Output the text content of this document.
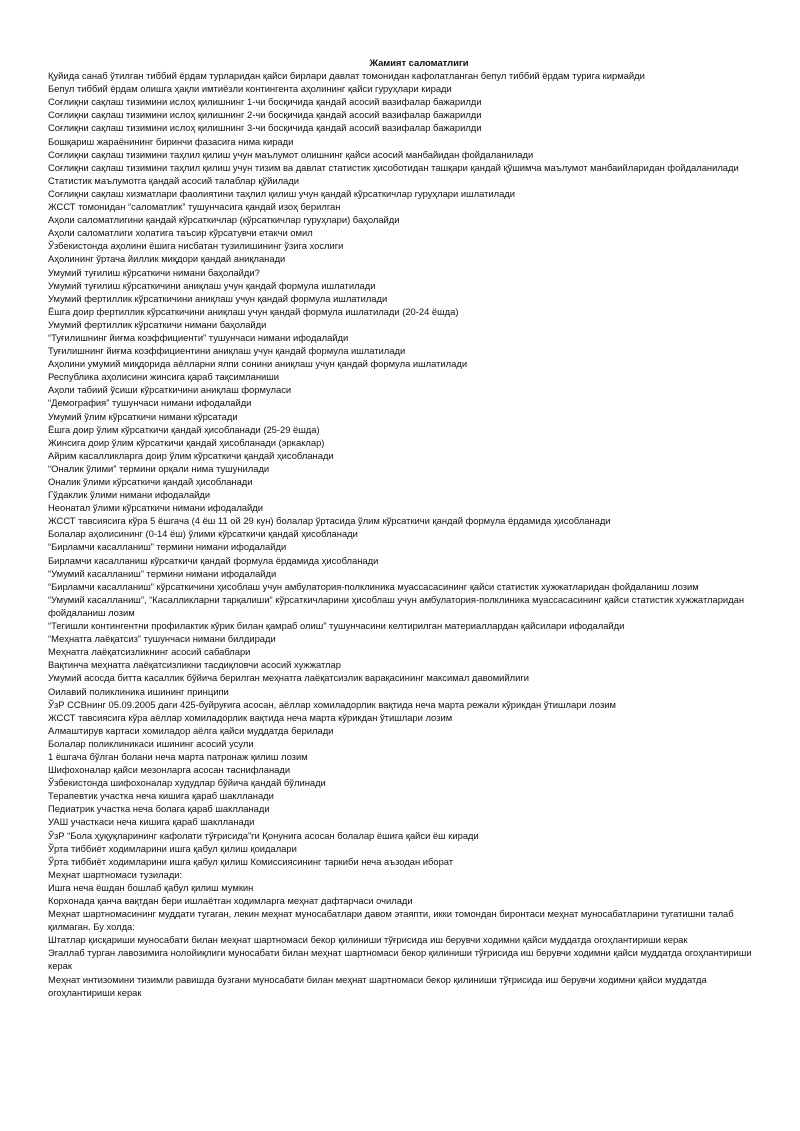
Жамият саломатлиги
Қуйида санаб ўтилган тиббий ёрдам турларидан қайси бирлари давлат томонидан кафолатланган бепул тиббий ёрдам турига кирмайди
Бепул тиббий ёрдам олишга ҳақли имтиёзли контингента аҳолининг қайси гуруҳлари киради
Соғлиқни сақлаш тизимини ислоҳ қилишнинг 1-чи босқичида қандай асосий вазифалар бажарилди
Соғлиқни сақлаш тизимини ислоҳ қилишнинг 2-чи босқичида қандай асосий вазифалар бажарилди
Соғлиқни сақлаш тизимини ислоҳ қилишнинг 3-чи босқичида қандай асосий вазифалар бажарилди
Бошқариш жараёнининг биринчи фазасига нима киради
Соғлиқни сақлаш тизимини таҳлил қилиш учун маълумот олишнинг қайси асосий манбайидан фойдаланилади
Соғлиқни сақлаш тизимини таҳлил қилиш учун тизим ва давлат статистик ҳисоботидан ташқари қандай қўшимча маълумот манбаийларидан фойдаланилади
Статистик маълумотга қандай асосий талаблар қўйилади
Соғлиқни сақлаш хизматлари фаолиятини таҳлил қилиш учун қандай кўрсаткичлар гуруҳлари ишлатилади
ЖССТ томонидан “саломатлик” тушунчасига қандай изоҳ берилган
Аҳоли саломатлигини қандай кўрсаткичлар (кўрсаткичлар гуруҳлари) баҳолайди
Аҳоли саломатлиги холатига таъсир кўрсатувчи етакчи омил
Ўзбекистонда аҳолини ёшига нисбатан тузилишининг ўзига хослиги
Аҳолининг ўртача йиллик миқдори қандай аниқланади
Умумий туғилиш кўрсаткичи нимани баҳолайди?
Умумий туғилиш кўрсаткичини аниқлаш учун қандай формула ишлатилади
Умумий фертиллик кўрсаткичини аниқлаш учун қандай формула ишлатилади
Ёшга доир фертиллик кўрсаткичини аниқлаш учун қандай формула ишлатилади (20-24 ёшда)
Умумий фертиллик кўрсаткичи нимани баҳолайди
“Туғилишнинг йиғма коэффициенти” тушунчаси нимани ифодалайди
Туғилишнинг йиғма коэффициентини аниқлаш учун қандай формула ишлатилади
Аҳолини умумий миқдорида аёлларни ялпи сонини аниқлаш учун қандай формула ишлатилади
Республика аҳолисини жинсига қараб тақсимланиши
Аҳоли табиий ўсиши кўрсаткичини аниқлаш формуласи
“Демография” тушунчаси нимани ифодалайди
Умумий ўлим кўрсаткичи нимани кўрсатади
Ёшга доир ўлим кўрсаткичи қандай ҳисобланади (25-29 ёшда)
Жинсига доир ўлим кўрсаткичи қандай ҳисобланади (эркаклар)
Айрим касалликларга доир ўлим кўрсаткичи қандай ҳисобланади
“Оналик ўлими” термини орқали нима тушунилади
Оналик ўлими кўрсаткичи қандай ҳисобланади
Гўдаклик ўлими нимани ифодалайди
Неонатал ўлими кўрсаткичи нимани ифодалайди
ЖССТ тавсиясига кўра 5 ёшгача (4 ёш 11 ой 29 кун) болалар ўртасида ўлим кўрсаткичи қандай формула ёрдамида ҳисобланади
Болалар аҳолисининг (0-14 ёш) ўлими кўрсаткичи қандай ҳисобланади
“Бирламчи касалланиш” термини нимани ифодалайди
Бирламчи касалланиш кўрсаткичи қандай формула ёрдамида ҳисобланади
“Умумий касалланиш” термини нимани ифодалайди
“Бирламчи касалланиш” кўрсаткичини ҳисоблаш учун амбулатория-полклиника муассасасининг қайси статистик хужжатларидан фойдаланиш лозим
“Умумий касалланиш”, “Касалликларни тарқалиши” кўрсаткичларини ҳисоблаш учун амбулатория-полклиника муассасасининг қайси статистик хужжатларидан фойдаланиш лозим
“Тегишли контингентни профилактик кўрик билан қамраб олиш” тушунчасини келтирилган материаллардан қайсилари ифодалайди
“Меҳнатга лаёқатсиз” тушунчаси нимани билдиради
Меҳнатга лаёқатсизликнинг асосий сабаблари
Вақтинча меҳнатга лаёқатсизликни тасдиқловчи асосий хужжатлар
Умумий асосда битта касаллик бўйича берилган меҳнатга лаёқатсизлик варақасининг максимал давомийлиги
Оилавий поликлиника ишининг принципи
ЎзР ССВнинг 05.09.2005 даги 425-буйруғига асосан, аёллар хомиладорлик вақтида неча марта режали кўрикдан ўтишлари лозим
ЖССТ тавсиясига кўра аёллар хомиладорлик вақтида неча марта кўрикдан ўтишлари лозим
Алмаштирув картаси хомиладор аёлга қайси муддатда берилади
Болалар поликлиникаси ишининг асосий усули
1 ёшгача бўлган болани неча марта патронаж қилиш лозим
Шифохоналар қайси мезонларга асосан таснифланади
Ўзбекистонда шифохоналар худудлар бўйича қандай бўлинади
Терапевтик участка неча кишига қараб шаклланади
Педиатрик участка неча болага қараб шаклланади
УАШ участкаси неча кишига қараб шаклланади
ЎзР “Бола ҳуқуқларининг кафолати тўғрисида”ги Қонунига асосан болалар ёшига қайси ёш киради
Ўрта тиббиёт ходимларини ишга қабул қилиш қоидалари
Ўрта тиббиёт ходимларини ишга қабул қилиш Комиссиясининг таркиби неча аъзодан иборат
Меҳнат шартномаси тузилади:
Ишга неча ёшдан бошлаб қабул қилиш мумкин
Корхонада қанча вақтдан бери ишлаётган ходимларга меҳнат дафтарчаси очилади
Меҳнат шартномасининг муддати тугаган, лекин меҳнат муносабатлари давом этаяпти, икки томондан биронтаси меҳнат муносабатларини тугатишни талаб қилмаган. Бу холда:
Штатлар қисқариши муносабати билан меҳнат шартномаси бекор қилиниши тўғрисида иш берувчи ходимни қайси муддатда огоҳлантириши керак
Эгаллаб турган лавозимига нолойиқлиги муносабати билан меҳнат шартномаси бекор қилиниши тўғрисида иш берувчи ходимни қайси муддатда огоҳлантириши керак
Меҳнат интизомини тизимли равишда бузгани муносабати билан меҳнат шартномаси бекор қилиниши тўғрисида иш берувчи ходимни қайси муддатда огоҳлантириши керак
